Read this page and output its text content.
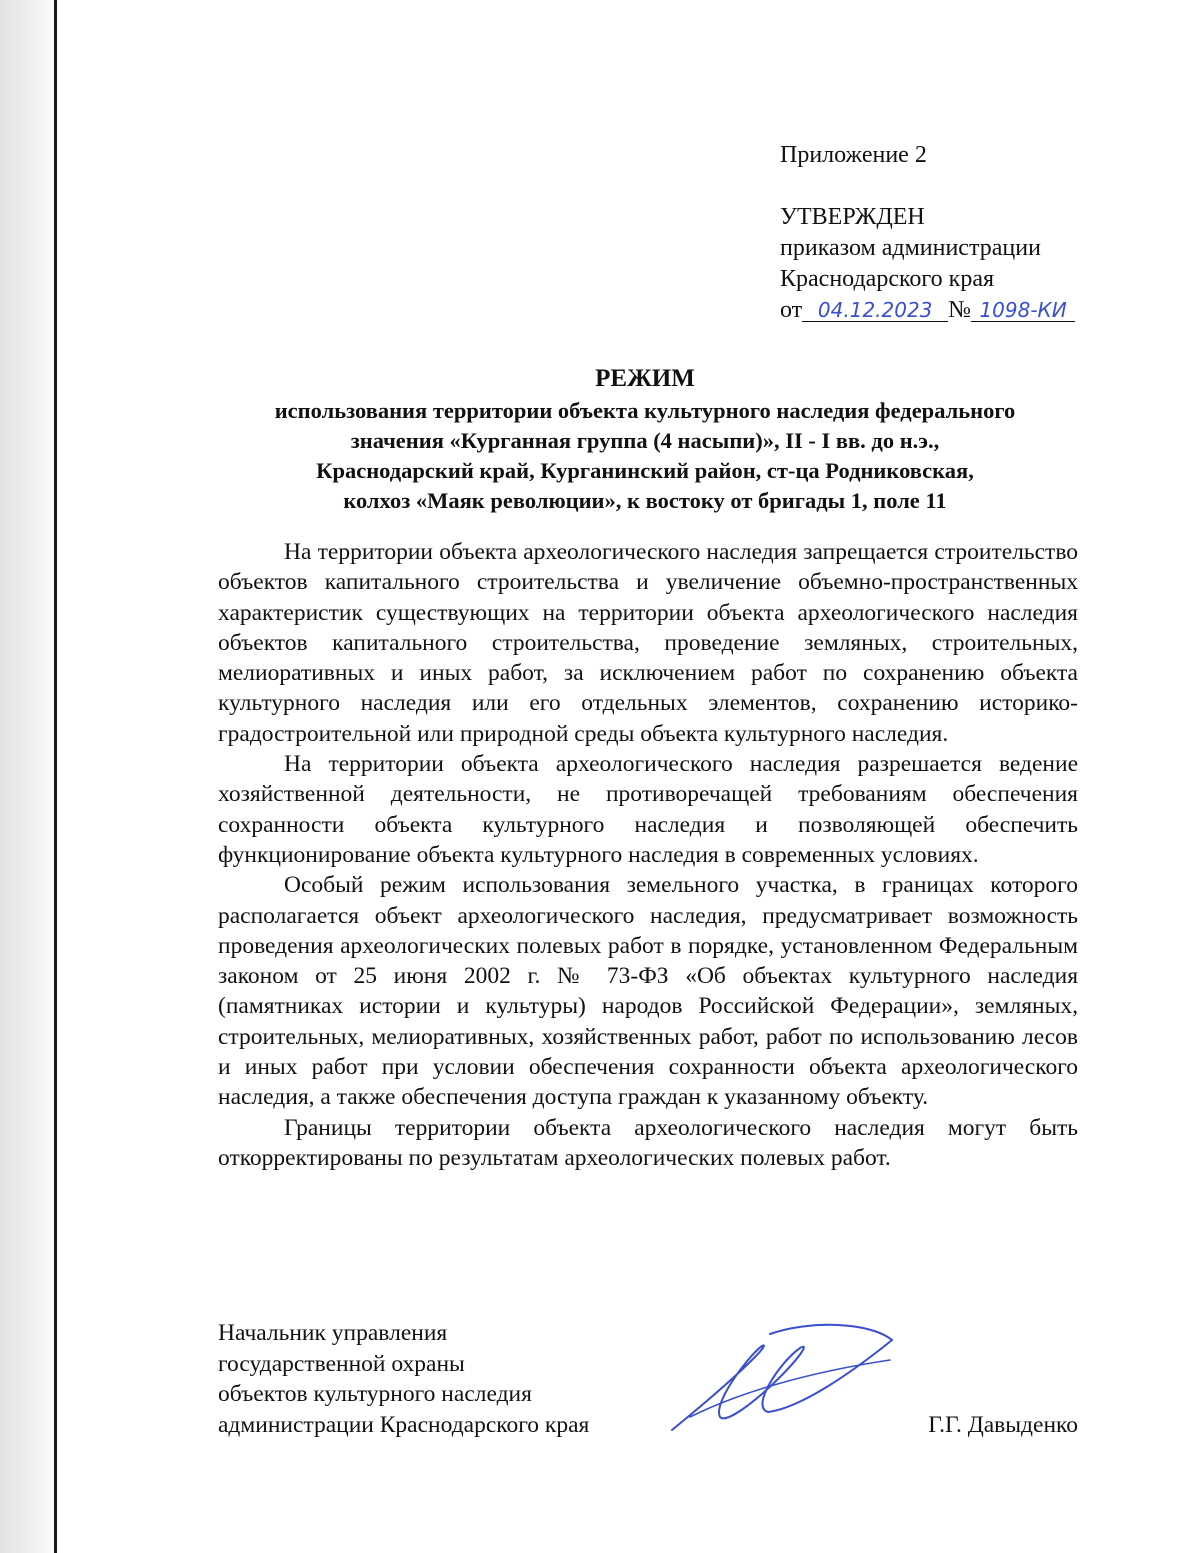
Приложение 2
УТВЕРЖДЕН
приказом администрации
Краснодарского края
от 04.12.2023 № 1098-КИ
РЕЖИМ
использования территории объекта культурного наследия федерального
значения «Курганная группа (4 насыпи)», II - I вв. до н.э.,
Краснодарский край, Курганинский район, ст-ца Родниковская,
колхоз «Маяк революции», к востоку от бригады 1, поле 11

На территории объекта археологического наследия запрещается строительство объектов капитального строительства и увеличение объемно-пространственных характеристик существующих на территории объекта археологического наследия объектов капитального строительства, проведение земляных, строительных, мелиоративных и иных работ, за исключением работ по сохранению объекта культурного наследия или его отдельных элементов, сохранению историко-градостроительной или природной среды объекта культурного наследия.

На территории объекта археологического наследия разрешается ведение хозяйственной деятельности, не противоречащей требованиям обеспечения сохранности объекта культурного наследия и позволяющей обеспечить функционирование объекта культурного наследия в современных условиях.

Особый режим использования земельного участка, в границах которого располагается объект археологического наследия, предусматривает возможность проведения археологических полевых работ в порядке, установленном Федеральным законом от 25 июня 2002 г. № 73-ФЗ «Об объектах культурного наследия (памятниках истории и культуры) народов Российской Федерации», земляных, строительных, мелиоративных, хозяйственных работ, работ по использованию лесов и иных работ при условии обеспечения сохранности объекта археологического наследия, а также обеспечения доступа граждан к указанному объекту.

Границы территории объекта археологического наследия могут быть откорректированы по результатам археологических полевых работ.

Начальник управления
государственной охраны
объектов культурного наследия
администрации Краснодарского края	Г.Г. Давыденко
